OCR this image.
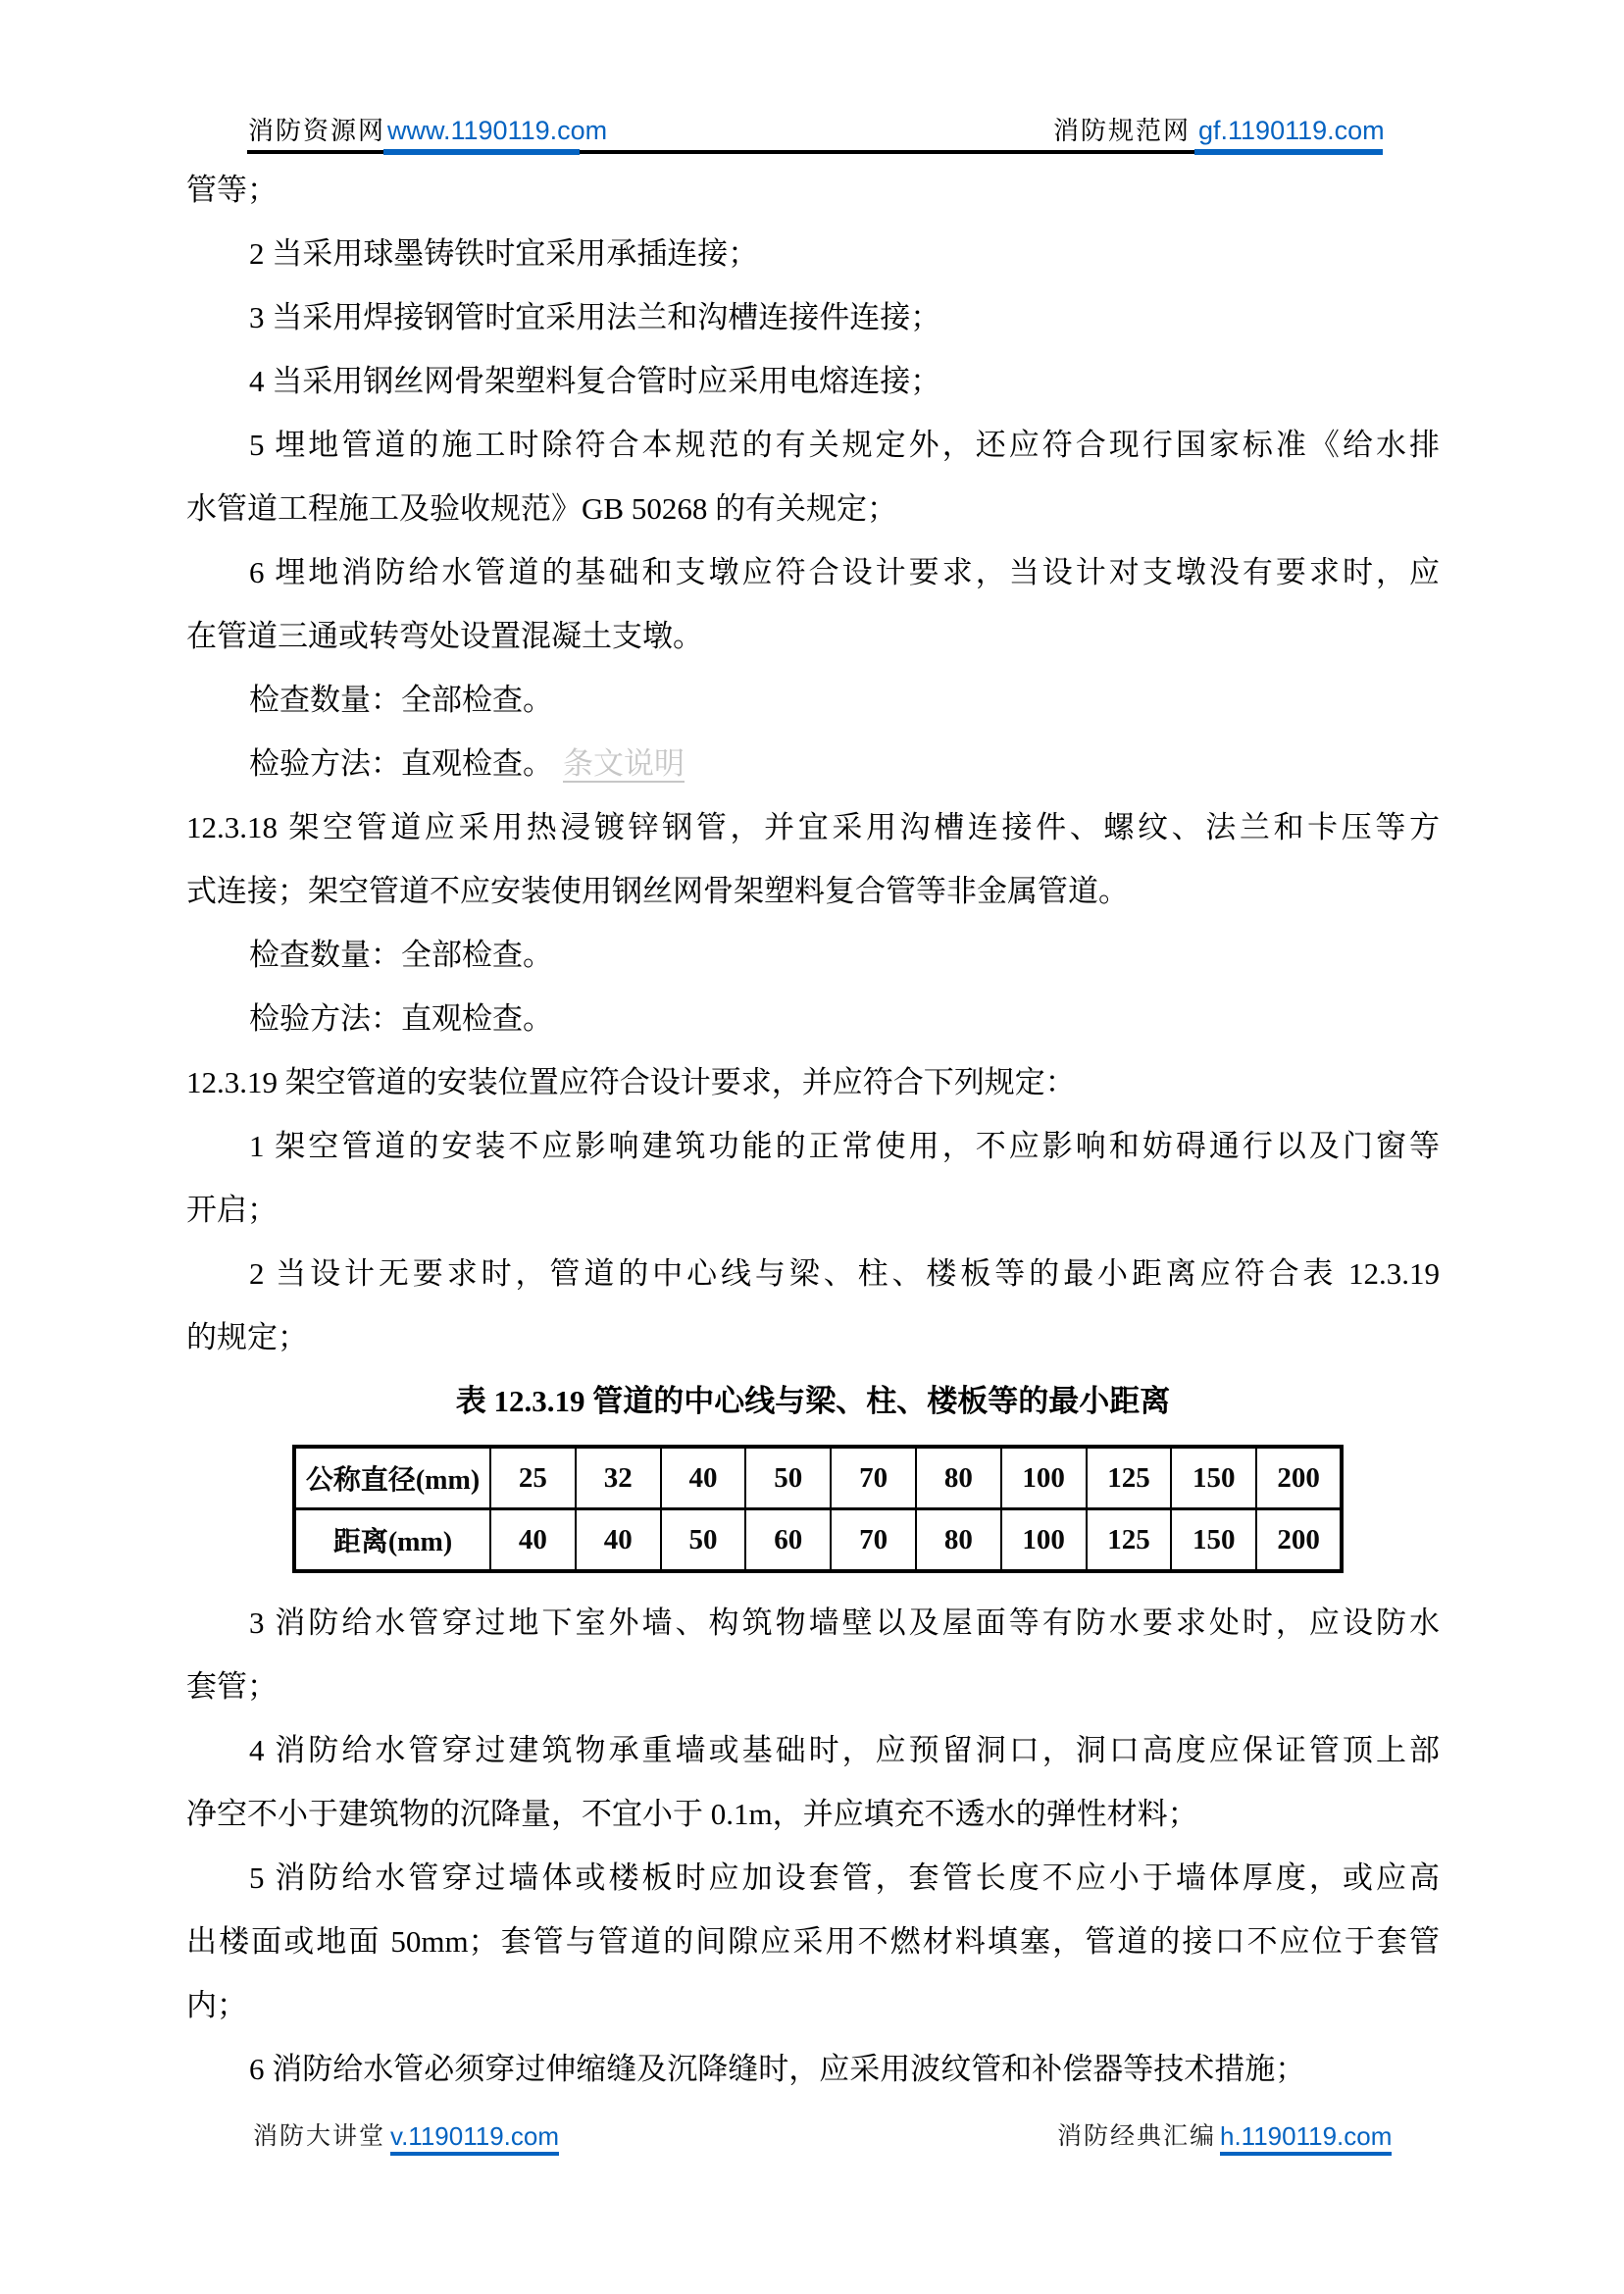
消防资源网 www.1190119.com	消防规范网 gf.1190119.com
管等；
2 当采用球墨铸铁时宜采用承插连接；
3 当采用焊接钢管时宜采用法兰和沟槽连接件连接；
4 当采用钢丝网骨架塑料复合管时应采用电熔连接；
5 埋地管道的施工时除符合本规范的有关规定外，还应符合现行国家标准《给水排
水管道工程施工及验收规范》GB 50268 的有关规定；
6 埋地消防给水管道的基础和支墩应符合设计要求，当设计对支墩没有要求时，应
在管道三通或转弯处设置混凝土支墩。
检查数量：全部检查。
检验方法：直观检查。 条文说明
12.3.18 架空管道应采用热浸镀锌钢管，并宜采用沟槽连接件、螺纹、法兰和卡压等方
式连接；架空管道不应安装使用钢丝网骨架塑料复合管等非金属管道。
检查数量：全部检查。
检验方法：直观检查。
12.3.19 架空管道的安装位置应符合设计要求，并应符合下列规定：
1 架空管道的安装不应影响建筑功能的正常使用，不应影响和妨碍通行以及门窗等
开启；
2 当设计无要求时，管道的中心线与梁、柱、楼板等的最小距离应符合表 12.3.19
的规定；
表 12.3.19 管道的中心线与梁、柱、楼板等的最小距离
公称直径(mm)	25	32	40	50	70	80	100	125	150	200
距离(mm)	40	40	50	60	70	80	100	125	150	200
3 消防给水管穿过地下室外墙、构筑物墙壁以及屋面等有防水要求处时，应设防水
套管；
4 消防给水管穿过建筑物承重墙或基础时，应预留洞口，洞口高度应保证管顶上部
净空不小于建筑物的沉降量，不宜小于 0.1m，并应填充不透水的弹性材料；
5 消防给水管穿过墙体或楼板时应加设套管，套管长度不应小于墙体厚度，或应高
出楼面或地面 50mm；套管与管道的间隙应采用不燃材料填塞，管道的接口不应位于套管
内；
6 消防给水管必须穿过伸缩缝及沉降缝时，应采用波纹管和补偿器等技术措施；
消防大讲堂 v.1190119.com	消防经典汇编 h.1190119.com
